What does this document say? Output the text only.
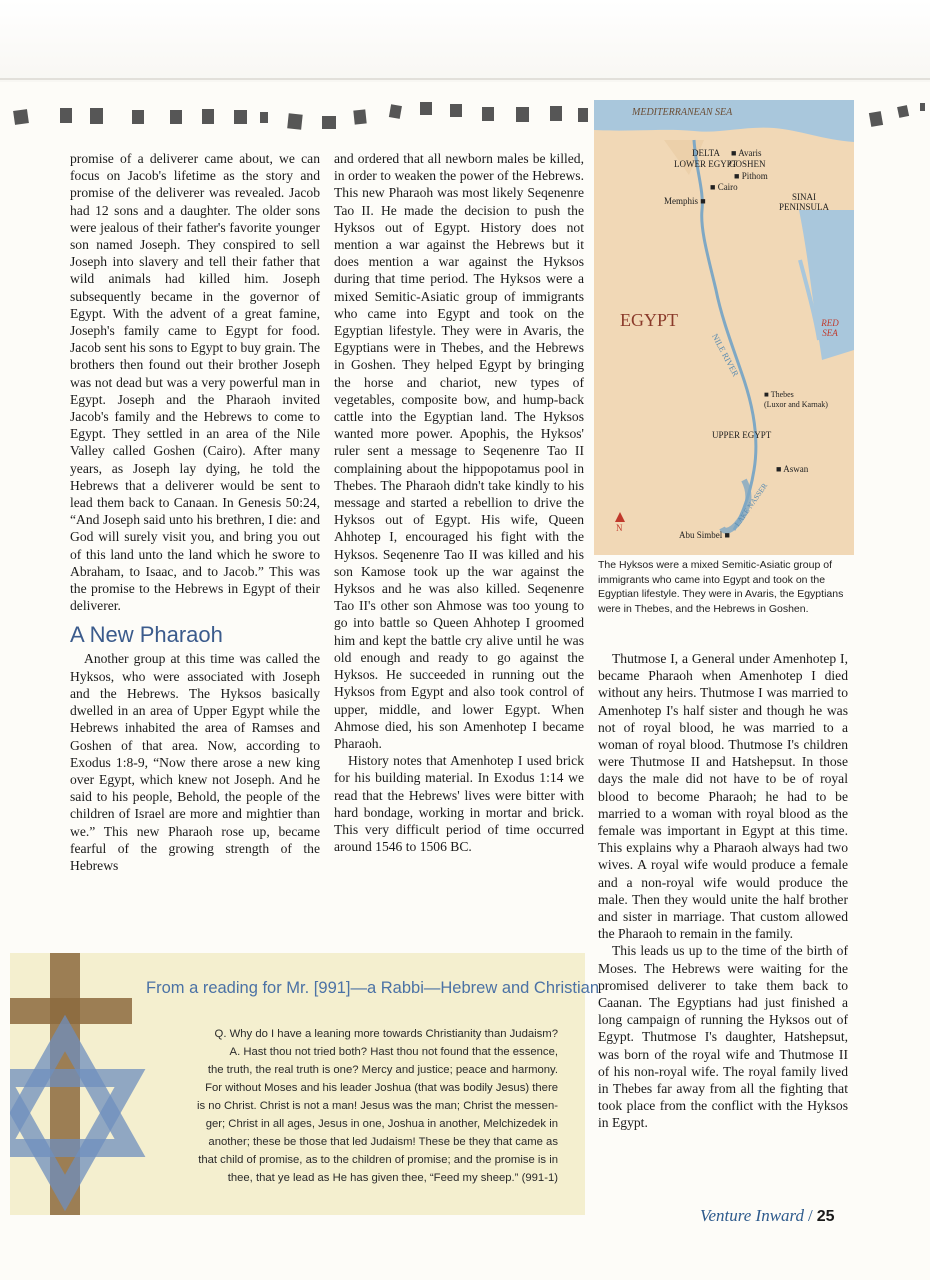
promise of a deliverer came about, we can focus on Jacob's lifetime as the story and promise of the deliverer was revealed. Jacob had 12 sons and a daughter. The older sons were jealous of their father's favorite younger son named Joseph. They conspired to sell Joseph into slavery and tell their father that wild animals had killed him. Joseph subsequently became in the governor of Egypt. With the advent of a great famine, Joseph's family came to Egypt for food. Jacob sent his sons to Egypt to buy grain. The brothers then found out their brother Joseph was not dead but was a very powerful man in Egypt. Joseph and the Pharaoh invited Jacob's family and the Hebrews to come to Egypt. They settled in an area of the Nile Valley called Goshen (Cairo). After many years, as Joseph lay dying, he told the Hebrews that a deliverer would be sent to lead them back to Canaan. In Genesis 50:24, “And Joseph said unto his brethren, I die: and God will surely visit you, and bring you out of this land unto the land which he swore to Abraham, to Isaac, and to Jacob.” This was the promise to the Hebrews in Egypt of their deliverer.

A New Pharaoh

Another group at this time was called the Hyksos, who were associated with Joseph and the Hebrews. The Hyksos basically dwelled in an area of Upper Egypt while the Hebrews inhabited the area of Ramses and Goshen of that area. Now, according to Exodus 1:8-9, “Now there arose a new king over Egypt, which knew not Joseph. And he said to his people, Behold, the people of the children of Israel are more and mightier than we.” This new Pharaoh rose up, became fearful of the growing strength of the Hebrews

and ordered that all newborn males be killed, in order to weaken the power of the Hebrews. This new Pharaoh was most likely Seqenenre Tao II. He made the decision to push the Hyksos out of Egypt. History does not mention a war against the Hebrews but it does mention a war against the Hyksos during that time period. The Hyksos were a mixed Semitic-Asiatic group of immigrants who came into Egypt and took on the Egyptian lifestyle. They were in Avaris, the Egyptians were in Thebes, and the Hebrews in Goshen. They helped Egypt by bringing the horse and chariot, new types of vegetables, composite bow, and hump-back cattle into the Egyptian land. The Hyksos wanted more power. Apophis, the Hyksos' ruler sent a message to Seqenenre Tao II complaining about the hippopotamus pool in Thebes. The Pharaoh didn't take kindly to his message and started a rebellion to drive the Hyksos out of Egypt. His wife, Queen Ahhotep I, encouraged his fight with the Hyksos. Seqenenre Tao II was killed and his son Kamose took up the war against the Hyksos and he was also killed. Seqenenre Tao II's other son Ahmose was too young to go into battle so Queen Ahhotep I groomed him and kept the battle cry alive until he was old enough and ready to go against the Hyksos. He succeeded in running out the Hyksos from Egypt and also took control of upper, middle, and lower Egypt. When Ahmose died, his son Amenhotep I became Pharaoh.

History notes that Amenhotep I used brick for his building material. In Exodus 1:14 we read that the Hebrews' lives were bitter with hard bondage, working in mortar and brick. This very difficult period of time occurred around 1546 to 1506 BC.

MEDITERRANEAN SEA
DELTA ■ Avaris
LOWER EGYPT
GOSHEN
■ Pithom
■ Cairo
Memphis ■	SINAI PENINSULA
EGYPT
NILE RIVER
RED SEA
■ Thebes
(Luxor and Karnak)
UPPER EGYPT
■ Aswan
N
Abu Simbel ■
LAKE NASSER
The Hyksos were a mixed Semitic-Asiatic group of immigrants who came into Egypt and took on the Egyptian lifestyle. They were in Avaris, the Egyptians were in Thebes, and the Hebrews in Goshen.

Thutmose I, a General under Amenhotep I, became Pharaoh when Amenhotep I died without any heirs. Thutmose I was married to Amenhotep I's half sister and though he was not of royal blood, he was married to a woman of royal blood. Thutmose I's children were Thutmose II and Hatshepsut. In those days the male did not have to be of royal blood to become Pharaoh; he had to be married to a woman with royal blood as the female was important in Egypt at this time. This explains why a Pharaoh always had two wives. A royal wife would produce a female and a non-royal wife would produce the male. Then they would unite the half brother and sister in marriage. That custom allowed the Pharaoh to remain in the family.

This leads us up to the time of the birth of Moses. The Hebrews were waiting for the promised deliverer to take them back to Caanan. The Egyptians had just finished a long campaign of running the Hyksos out of Egypt. Thutmose I's daughter, Hatshepsut, was born of the royal wife and Thutmose II of his non-royal wife. The royal family lived in Thebes far away from all the fighting that took place from the conflict with the Hyksos in Egypt.

From a reading for Mr. [991]—a Rabbi—Hebrew and Christian

Q. Why do I have a leaning more towards Christianity than Judaism?

A. Hast thou not tried both? Hast thou not found that the essence,

the truth, the real truth is one? Mercy and justice; peace and harmony.

For without Moses and his leader Joshua (that was bodily Jesus) there

is no Christ. Christ is not a man! Jesus was the man; Christ the messen-

ger; Christ in all ages, Jesus in one, Joshua in another, Melchizedek in

another; these be those that led Judaism! These be they that came as

that child of promise, as to the children of promise; and the promise is in

thee, that ye lead as He has given thee, “Feed my sheep.” (991-1)

Venture Inward / 25
